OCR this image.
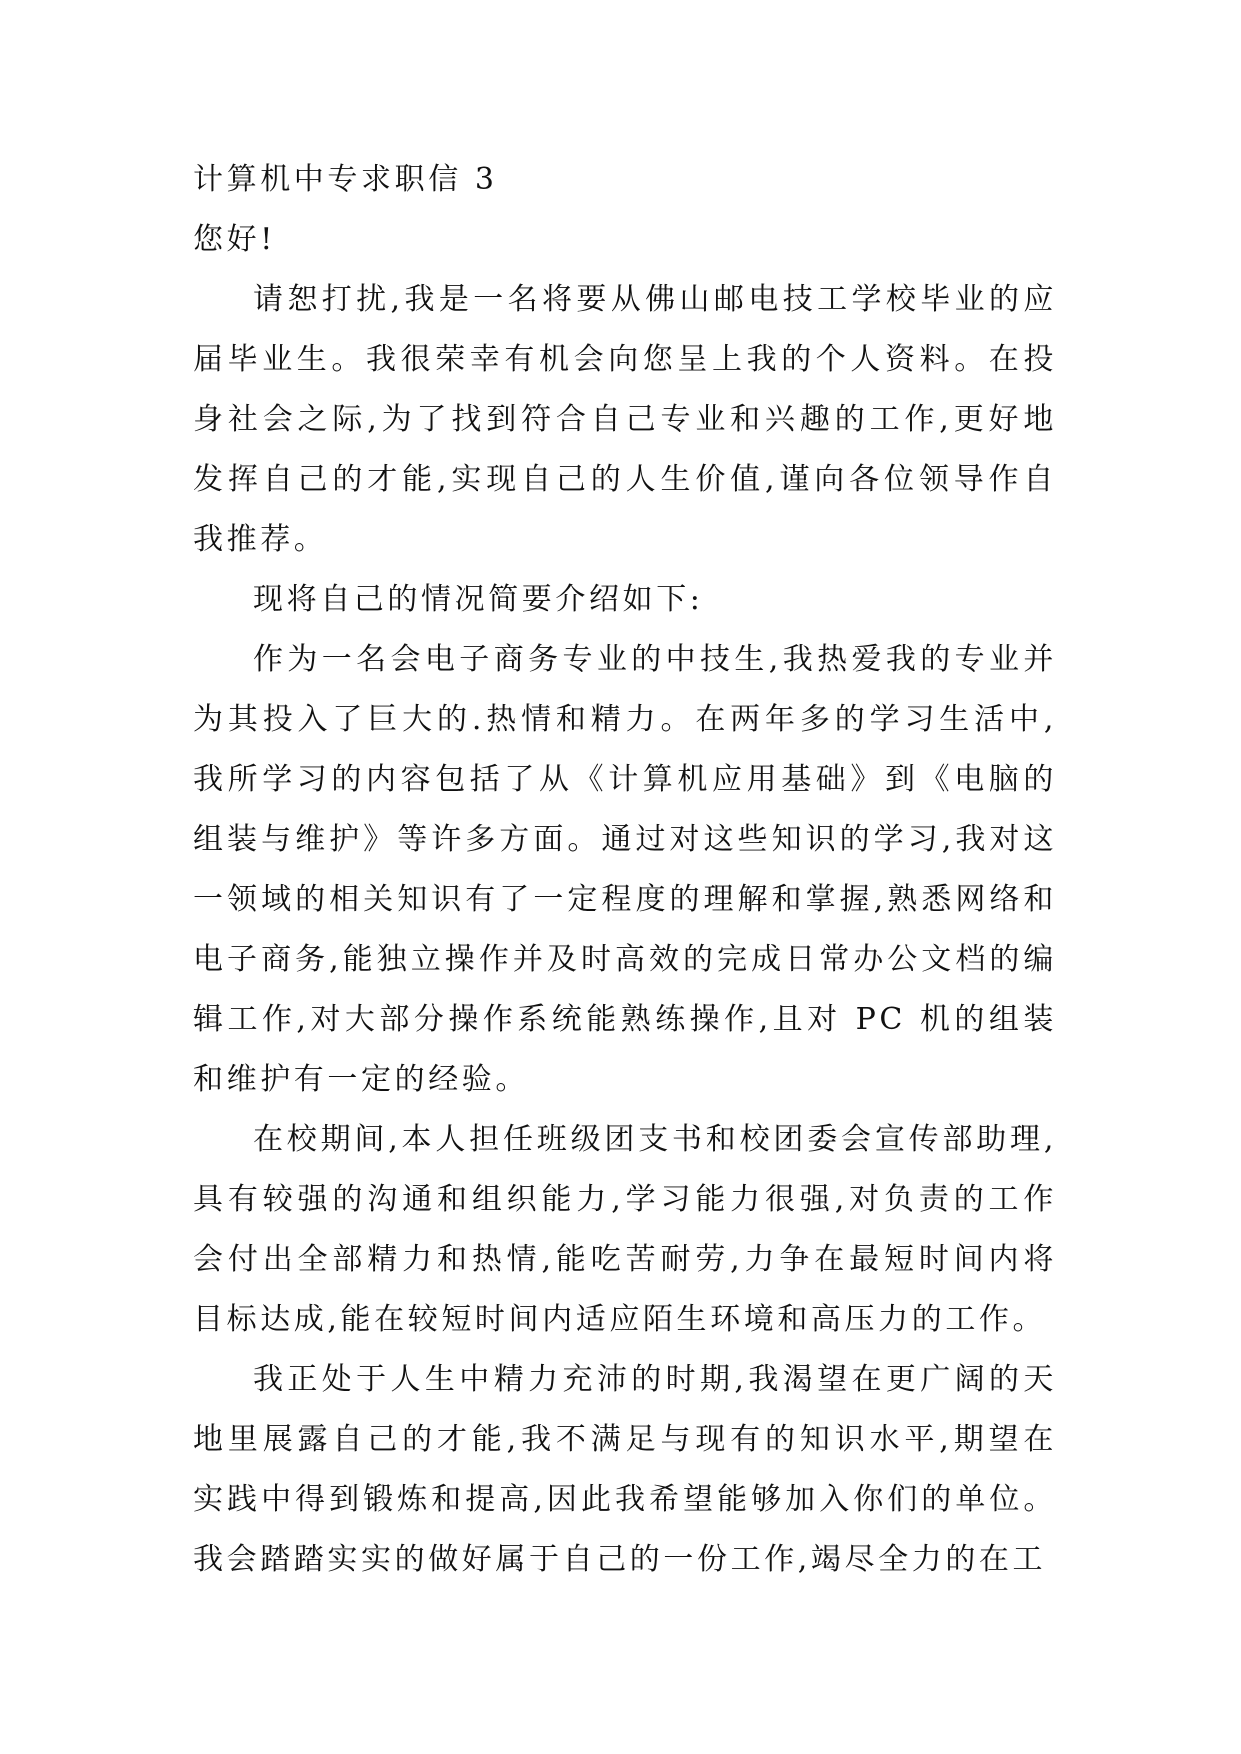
计算机中专求职信 3

您好!

请恕打扰,我是一名将要从佛山邮电技工学校毕业的应届毕业生。我很荣幸有机会向您呈上我的个人资料。在投身社会之际,为了找到符合自己专业和兴趣的工作,更好地发挥自己的才能,实现自己的人生价值,谨向各位领导作自我推荐。

现将自己的情况简要介绍如下:

作为一名会电子商务专业的中技生,我热爱我的专业并为其投入了巨大的.热情和精力。在两年多的学习生活中,我所学习的内容包括了从《计算机应用基础》到《电脑的组装与维护》等许多方面。通过对这些知识的学习,我对这一领域的相关知识有了一定程度的理解和掌握,熟悉网络和电子商务,能独立操作并及时高效的完成日常办公文档的编辑工作,对大部分操作系统能熟练操作,且对 PC 机的组装和维护有一定的经验。

在校期间,本人担任班级团支书和校团委会宣传部助理,具有较强的沟通和组织能力,学习能力很强,对负责的工作会付出全部精力和热情,能吃苦耐劳,力争在最短时间内将目标达成,能在较短时间内适应陌生环境和高压力的工作。

我正处于人生中精力充沛的时期,我渴望在更广阔的天地里展露自己的才能,我不满足与现有的知识水平,期望在实践中得到锻炼和提高,因此我希望能够加入你们的单位。我会踏踏实实的做好属于自己的一份工作,竭尽全力的在工
